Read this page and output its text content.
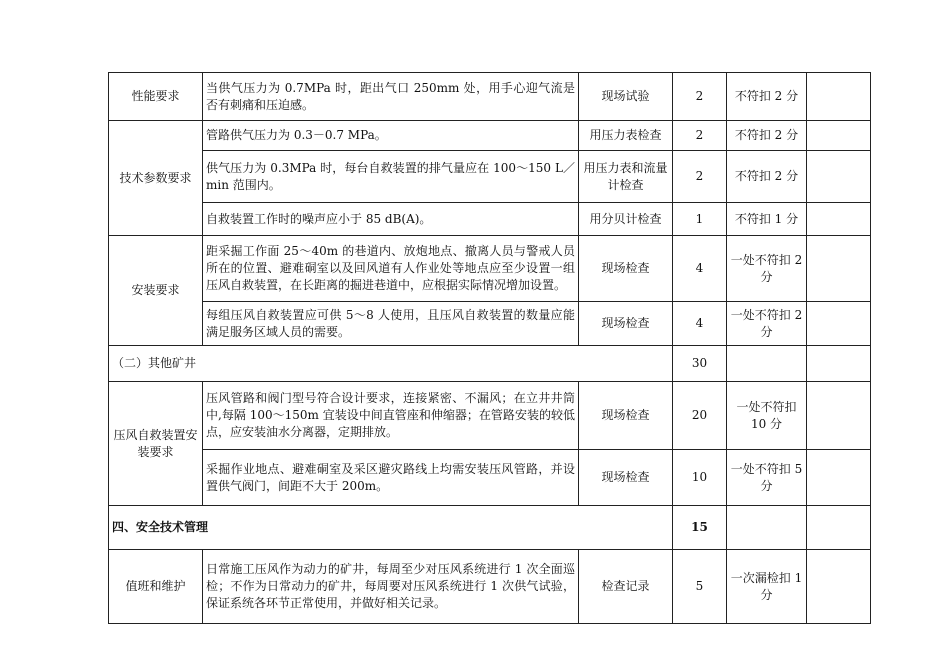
性能要求	当供气压力为 0.7MPa 时，距出气口 250mm 处，用手心迎气流是否有刺痛和压迫感。	现场试验	2	不符扣 2 分	
技术参数要求	管路供气压力为 0.3－0.7 MPa。	用压力表检查	2	不符扣 2 分	
	供气压力为 0.3MPa 时，每台自救装置的排气量应在 100～150 L／min 范围内。	用压力表和流量计检查	2	不符扣 2 分	
	自救装置工作时的噪声应小于 85 dB(A)。	用分贝计检查	1	不符扣 1 分	
安装要求	距采掘工作面 25～40m 的巷道内、放炮地点、撤离人员与警戒人员所在的位置、避难硐室以及回风道有人作业处等地点应至少设置一组压风自救装置，在长距离的掘进巷道中，应根据实际情况增加设置。	现场检查	4	一处不符扣 2 分	
	每组压风自救装置应可供 5～8 人使用，且压风自救装置的数量应能满足服务区域人员的需要。	现场检查	4	一处不符扣 2 分	
（二）其他矿井			30		
压风自救装置安装要求	压风管路和阀门型号符合设计要求，连接紧密、不漏风；在立井井筒中,每隔 100～150m 宜装设中间直管座和伸缩器；在管路安装的较低点，应安装油水分离器，定期排放。	现场检查	20	一处不符扣 10 分	
	采掘作业地点、避难硐室及采区避灾路线上均需安装压风管路，并设置供气阀门，间距不大于 200m。	现场检查	10	一处不符扣 5 分	
四、安全技术管理			15		
值班和维护	日常施工压风作为动力的矿井，每周至少对压风系统进行 1 次全面巡检；不作为日常动力的矿井，每周要对压风系统进行 1 次供气试验，保证系统各环节正常使用，并做好相关记录。	检查记录	5	一次漏检扣 1 分	
